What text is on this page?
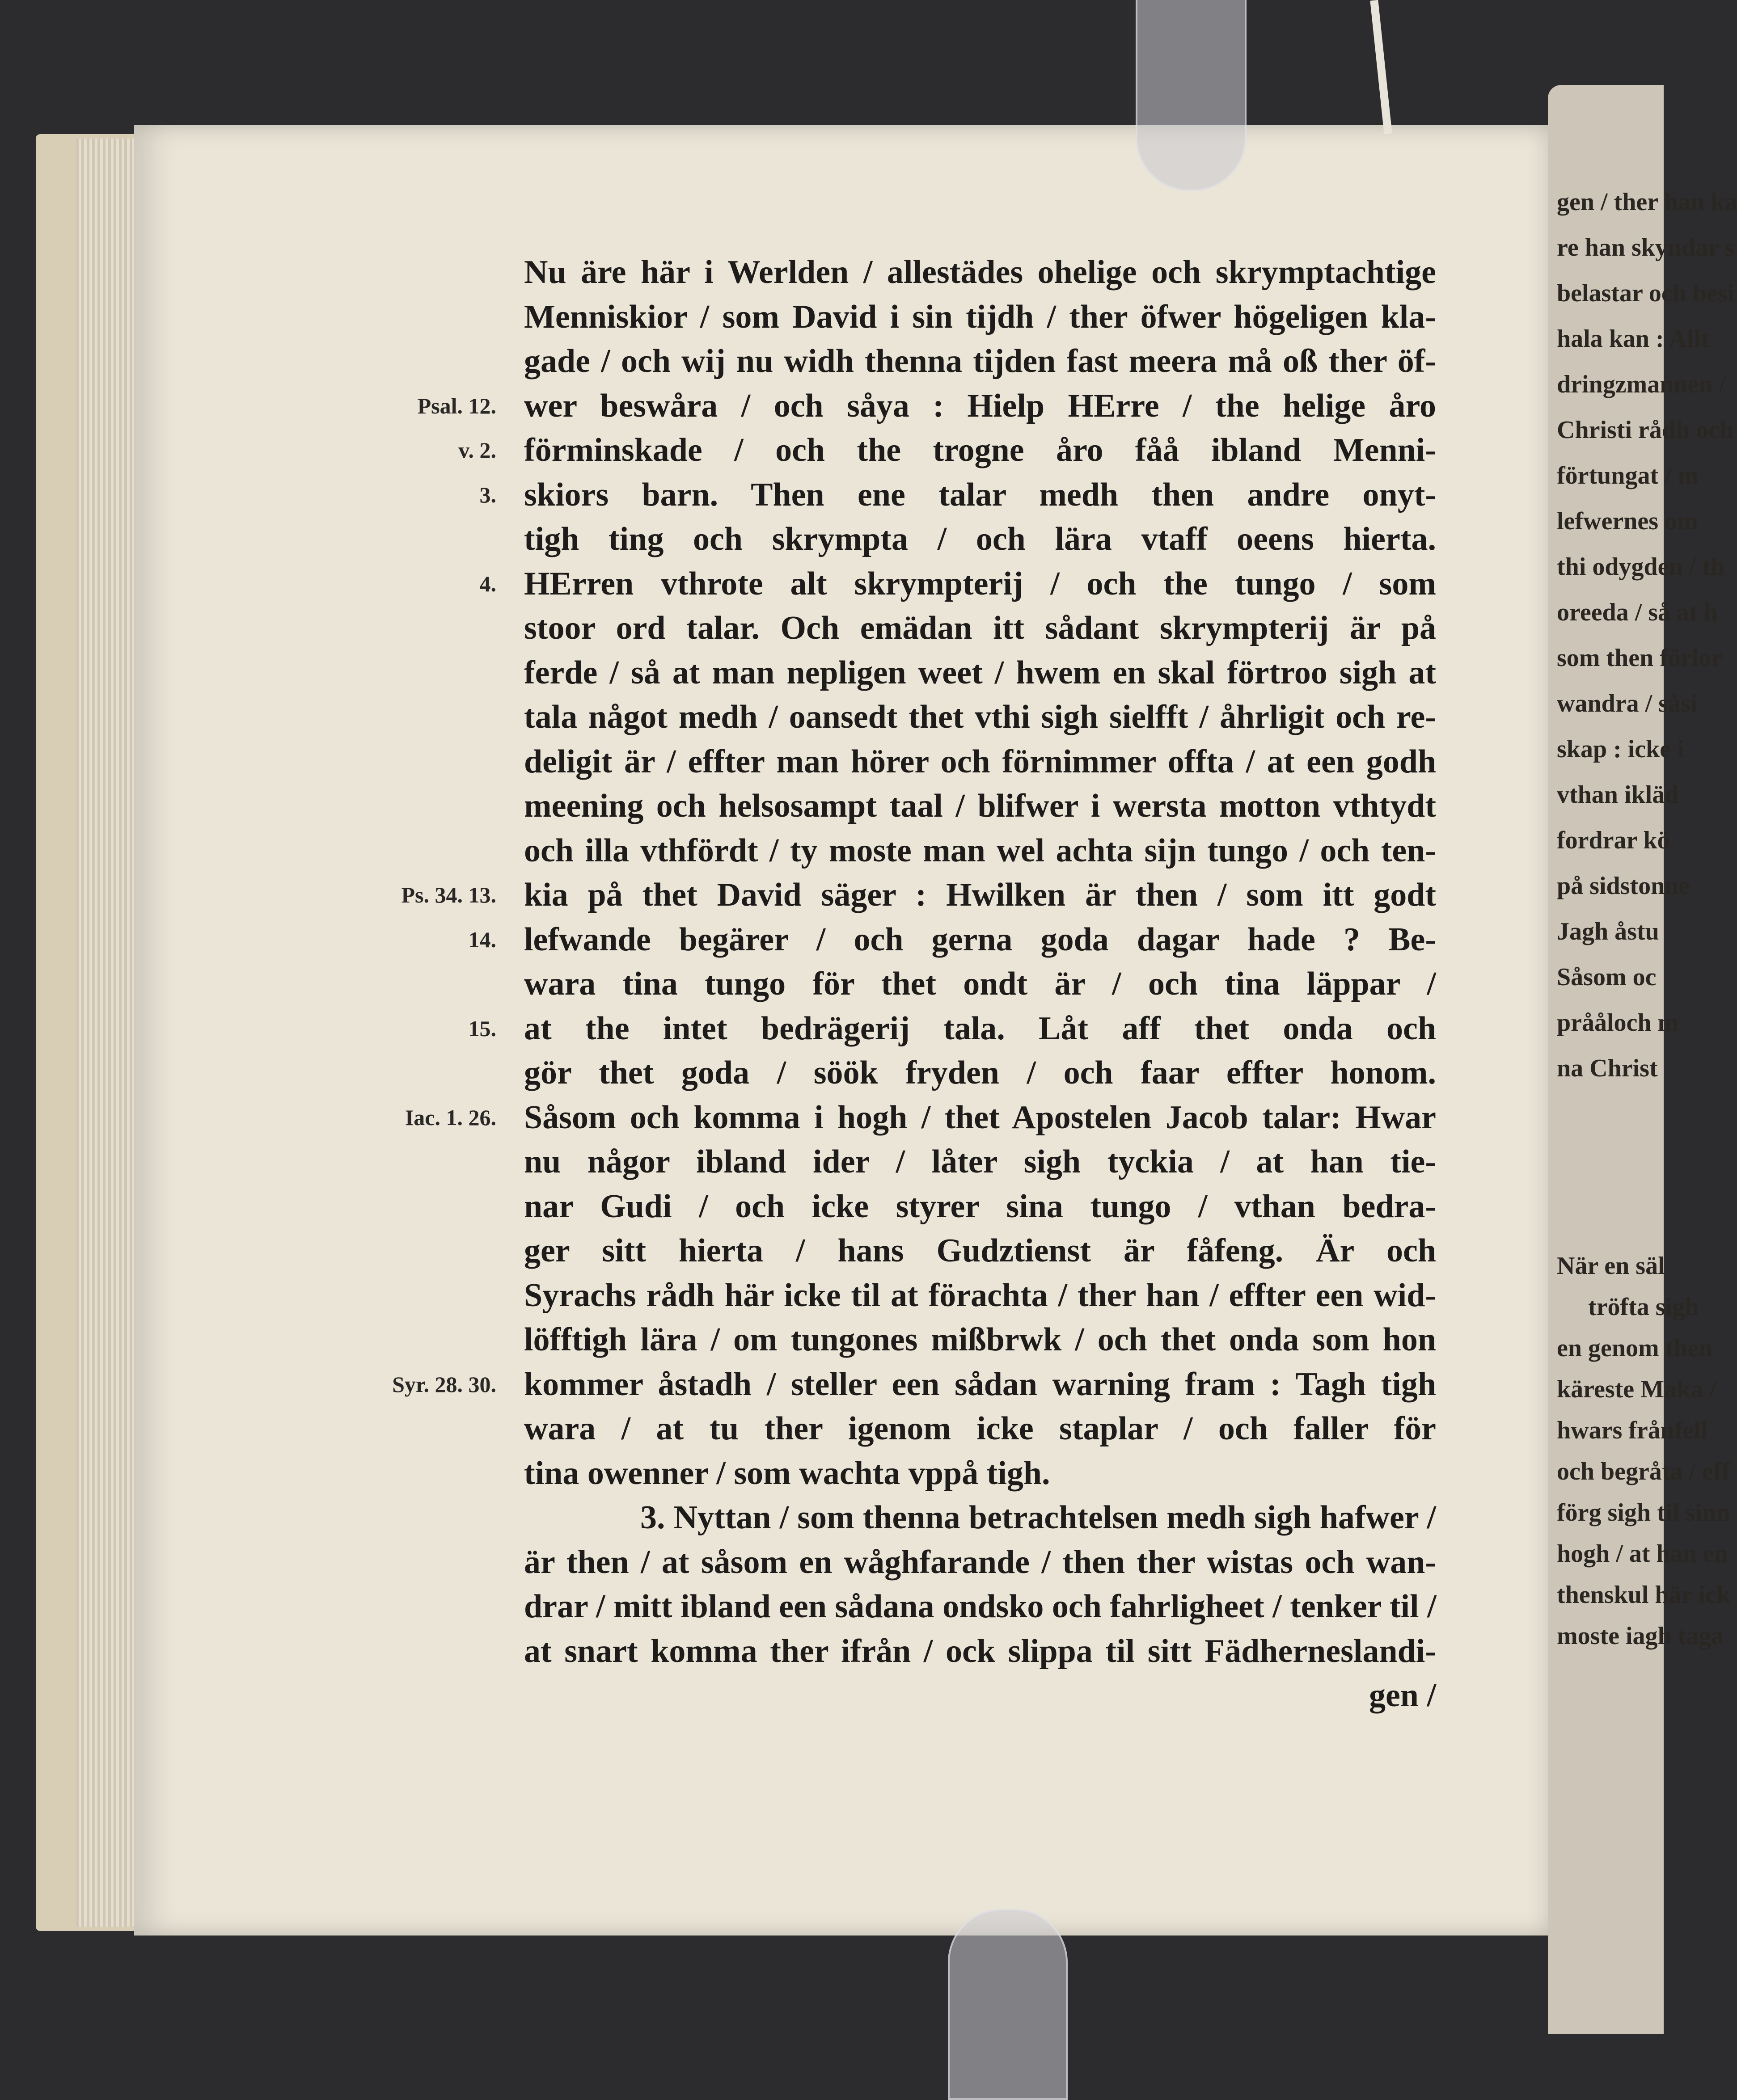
Nu äre här i Werlden / allestädes ohelige och skrymptachtige
Menniskior / som David i sin tijdh / ther öfwer högeligen kla-
gade / och wij nu widh thenna tijden fast meera må oß ther öf-
wer beswåra / och såya : Hielp HErre / the helige åro
förminskade / och the trogne åro fåå ibland Menni-
skiors barn. Then ene talar medh then andre onyt-
tigh ting och skrympta / och lära vtaff oeens hierta.
HErren vthrote alt skrympterij / och the tungo / som
stoor ord talar. Och emädan itt sådant skrympterij är på
ferde / så at man nepligen weet / hwem en skal förtroo sigh at
tala något medh / oansedt thet vthi sigh sielfft / åhrligit och re-
deligit är / effter man hörer och förnimmer offta / at een godh
meening och helsosampt taal / blifwer i wersta motton vthtydt
och illa vthfördt / ty moste man wel achta sijn tungo / och ten-
kia på thet David säger : Hwilken är then / som itt godt
lefwande begärer / och gerna goda dagar hade ? Be-
wara tina tungo för thet ondt är / och tina läppar /
at the intet bedrägerij tala. Låt aff thet onda och
gör thet goda / söök fryden / och faar effter honom.
Såsom och komma i hogh / thet Apostelen Jacob talar: Hwar
nu någor ibland ider / låter sigh tyckia / at han tie-
nar Gudi / och icke styrer sina tungo / vthan bedra-
ger sitt hierta / hans Gudztienst är fåfeng. Är och
Syrachs rådh här icke til at förachta / ther han / effter een wid-
löfftigh lära / om tungones mißbrwk / och thet onda som hon
kommer åstadh / steller een sådan warning fram : Tagh tigh
wara / at tu ther igenom icke staplar / och faller för
tina owenner / som wachta vppå tigh.
3. Nyttan / som thenna betrachtelsen medh sigh hafwer /
är then / at såsom en wåghfarande / then ther wistas och wan-
drar / mitt ibland een sådana ondsko och fahrligheet / tenker til /
at snart komma ther ifrån / ock slippa til sitt Fädherneslandi-
gen /
Psal. 12.
v. 2.
3.
4.
Ps. 34. 13.
14.
15.
Iac. 1. 26.
Syr. 28. 30.
gen / ther han ka
re han skyndar s
belastar och besi
hala kan : Allt
dringzmannen /
Christi rådh och
förtungat / m
lefwernes om
thi odygden / th
oreeda / så at h
som then förlor
wandra / såsi
skap : icke i
vthan ikläd
fordrar kö
på sidstonne
Jagh åstu
Såsom oc
prååloch m
na Christ
När en säl
tröfta sigh
en genom then
käreste Maka /
hwars frånfell
och begråta / eff
förg sigh til sinn
hogh / at han en
thenskul här ick
moste iagh taga
